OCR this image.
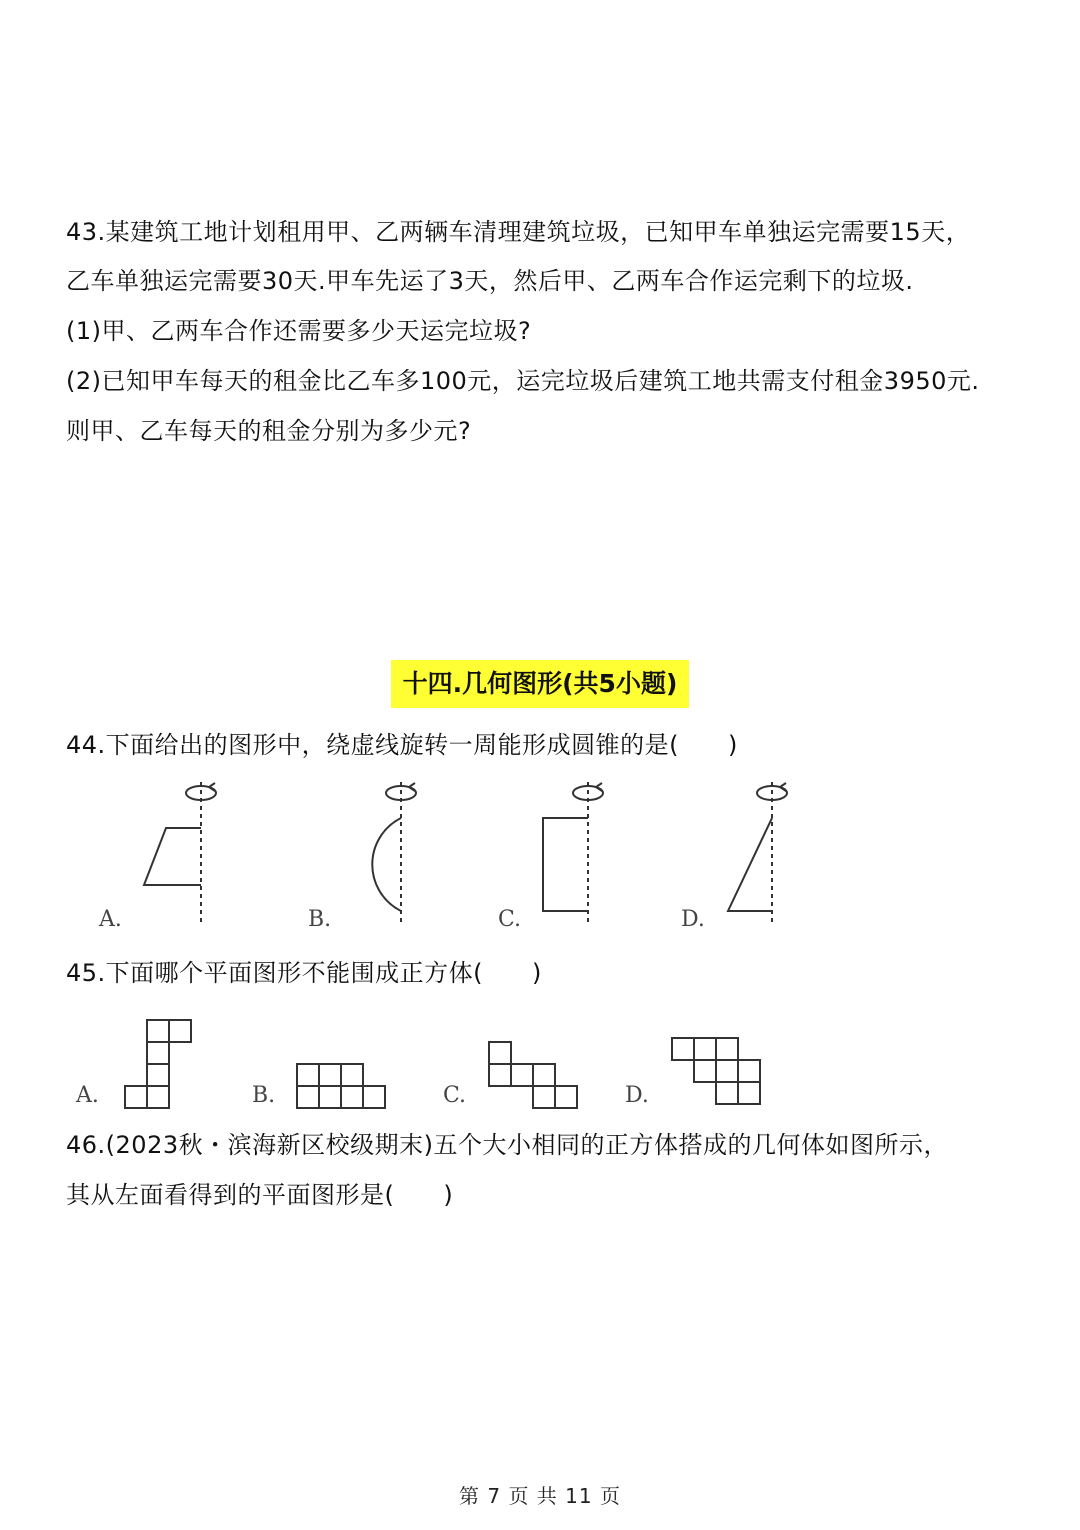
43.某建筑工地计划租用甲、乙两辆车清理建筑垃圾，已知甲车单独运完需要15天，
乙车单独运完需要30天.甲车先运了3天，然后甲、乙两车合作运完剩下的垃圾.
(1)甲、乙两车合作还需要多少天运完垃圾?
(2)已知甲车每天的租金比乙车多100元，运完垃圾后建筑工地共需支付租金3950元.
则甲、乙车每天的租金分别为多少元?
十四.几何图形(共5小题)
44.下面给出的图形中，绕虚线旋转一周能形成圆锥的是(　　)
A.	B.	C.	D.
45.下面哪个平面图形不能围成正方体(　　)
A.	B.	C.	D.
46.(2023秋・滨海新区校级期末)五个大小相同的正方体搭成的几何体如图所示，
其从左面看得到的平面图形是(　　)
第 7 页 共 11 页
